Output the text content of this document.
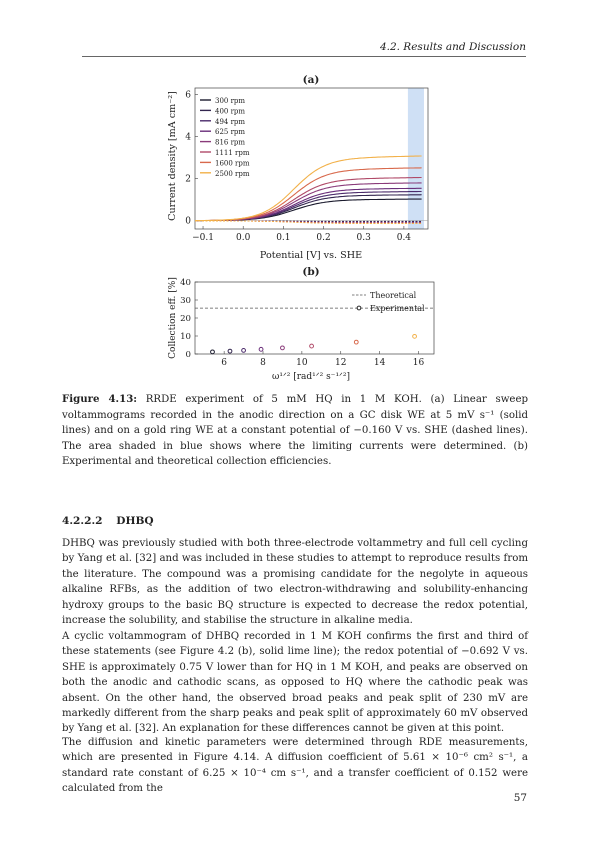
4.2. Results and Discussion
(a)
−0.1 0.0	0.1	0.2	0.3	0.4
0
2
4
6
300 rpm
400 rpm
494 rpm
625 rpm
816 rpm
1111 rpm
1600 rpm
2500 rpm
Potential [V] vs. SHE
Current density [mA cm⁻²]
(b)
6	8	10	12	14	16
0
10
20
30
40
Theoretical
Experimental
ω¹ᐟ² [rad¹ᐟ² s⁻¹ᐟ²]
Collection eff. [%]
Figure 4.13: RRDE experiment of 5 mM HQ in 1 M KOH. (a) Linear sweep voltammograms recorded in the anodic direction on a GC disk WE at 5 mV s⁻¹ (solid lines) and on a gold ring WE at a constant potential of −0.160 V vs. SHE (dashed lines). The area shaded in blue shows where the limiting currents were determined. (b) Experimental and theoretical collection efficiencies.
4.2.2.2 DHBQ

DHBQ was previously studied with both three-electrode voltammetry and full cell cycling by Yang et al. [32] and was included in these studies to attempt to reproduce results from the literature. The compound was a promising candidate for the negolyte in aqueous alkaline RFBs, as the addition of two electron-withdrawing and solubility-enhancing hydroxy groups to the basic BQ structure is expected to decrease the redox potential, increase the solubility, and stabilise the structure in alkaline media.

A cyclic voltammogram of DHBQ recorded in 1 M KOH confirms the first and third of these statements (see Figure 4.2 (b), solid lime line); the redox potential of −0.692 V vs. SHE is approximately 0.75 V lower than for HQ in 1 M KOH, and peaks are observed on both the anodic and cathodic scans, as opposed to HQ where the cathodic peak was absent. On the other hand, the observed broad peaks and peak split of 230 mV are markedly different from the sharp peaks and peak split of approximately 60 mV observed by Yang et al. [32]. An explanation for these differences cannot be given at this point.

The diffusion and kinetic parameters were determined through RDE measurements, which are presented in Figure 4.14. A diffusion coefficient of 5.61 × 10⁻⁶ cm² s⁻¹, a standard rate constant of 6.25 × 10⁻⁴ cm s⁻¹, and a transfer coefficient of 0.152 were calculated from the

57
